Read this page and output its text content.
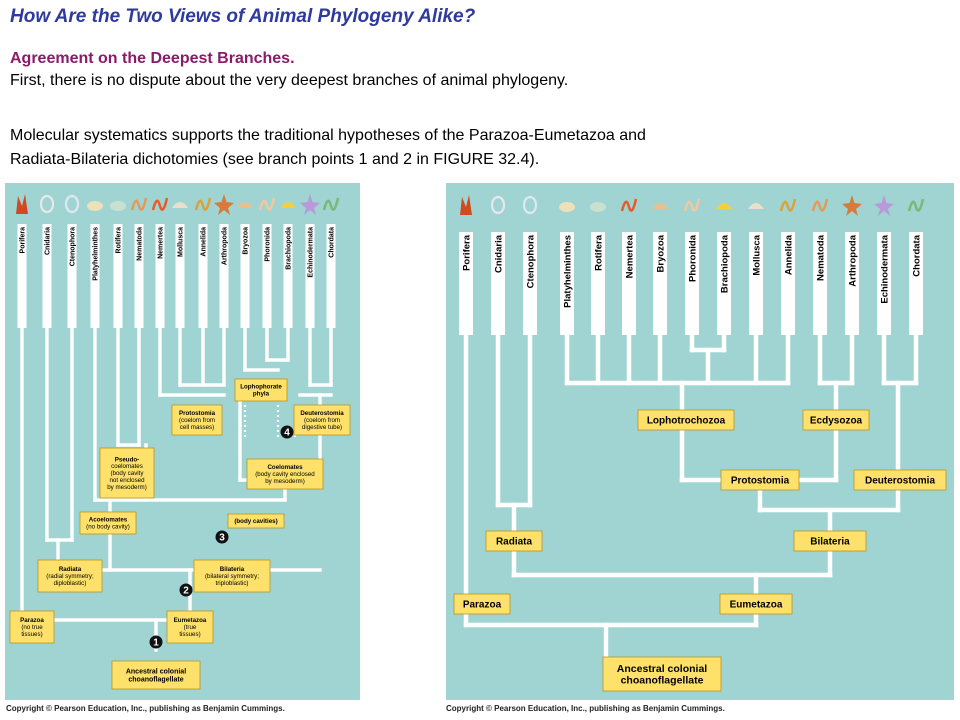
How Are the Two Views of Animal Phylogeny Alike?
Agreement on the Deepest Branches.
First, there is no dispute about the very deepest branches of animal phylogeny.
Molecular systematics supports the traditional hypotheses of the Parazoa-Eumetazoa and
Radiata-Bilateria dichotomies (see branch points 1 and 2 in FIGURE 32.4).
Porifera	Cnidaria	Ctenophora Platyhelminthes Rotifera Nematoda Nemertea Mollusca Annelida Arthropoda Bryozoa Phoronida Brachiopoda Echinodermata Chordata
Lophophorate
phyla
Protostomia
(coelom from
cell masses)
Deuterostomia
(coelom from
digestive tube)
Pseudo-
coelomates
(body cavity
not enclosed
by mesoderm)
Coelomates
(body cavity enclosed
by mesoderm)
Acoelomates
(no body cavity)
(body cavities)
Radiata
(radial symmetry;
diploblastic)
Bilateria
(bilateral symmetry;
triploblastic)
Parazoa
(no true
tissues)
Eumetazoa
(true
tissues)
Ancestral colonial
choanoflagellate
1
2
3
4
Porifera Cnidaria Ctenophora	Platyhelminthes Rotifera Nemertea Bryozoa Phoronida Brachiopoda Mollusca Annelida Nematoda Arthropoda Echinodermata Chordata
Lophotrochozoa	Ecdysozoa
Protostomia	Deuterostomia
Radiata	Bilateria
Parazoa	Eumetazoa
Ancestral colonial
choanoflagellate
Copyright © Pearson Education, Inc., publishing as Benjamin Cummings.	Copyright © Pearson Education, Inc., publishing as Benjamin Cummings.
